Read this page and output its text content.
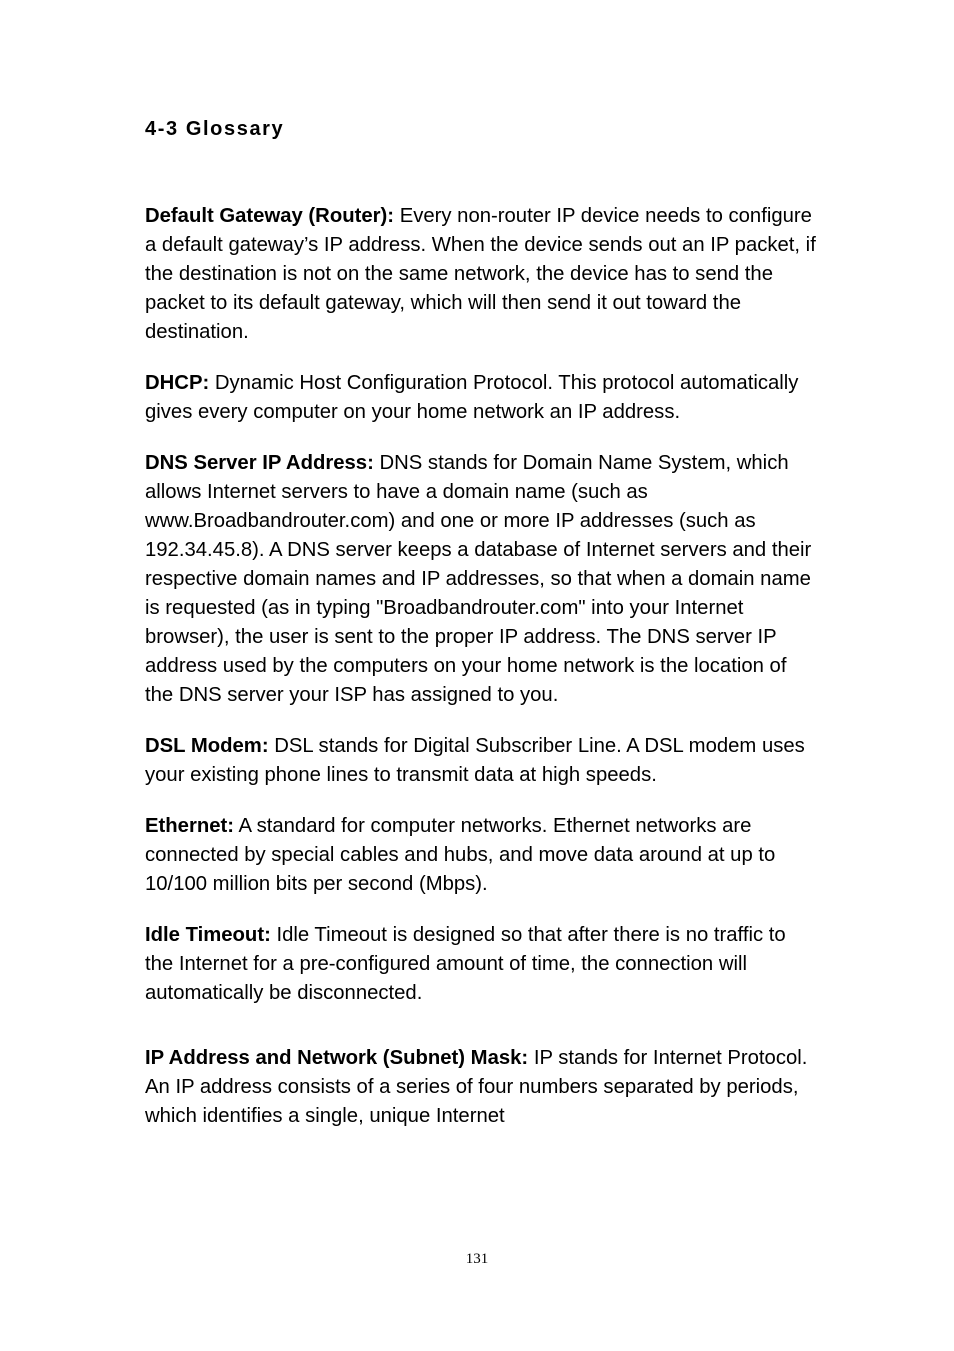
4-3 Glossary

Default Gateway (Router): Every non-router IP device needs to configure a default gateway’s IP address. When the device sends out an IP packet, if the destination is not on the same network, the device has to send the packet to its default gateway, which will then send it out toward the destination.

DHCP: Dynamic Host Configuration Protocol. This protocol automatically gives every computer on your home network an IP address.

DNS Server IP Address: DNS stands for Domain Name System, which allows Internet servers to have a domain name (such as www.Broadbandrouter.com) and one or more IP addresses (such as 192.34.45.8). A DNS server keeps a database of Internet servers and their respective domain names and IP addresses, so that when a domain name is requested (as in typing "Broadbandrouter.com" into your Internet browser), the user is sent to the proper IP address. The DNS server IP address used by the computers on your home network is the location of the DNS server your ISP has assigned to you.

DSL Modem: DSL stands for Digital Subscriber Line. A DSL modem uses your existing phone lines to transmit data at high speeds.

Ethernet: A standard for computer networks. Ethernet networks are connected by special cables and hubs, and move data around at up to 10/100 million bits per second (Mbps).

Idle Timeout: Idle Timeout is designed so that after there is no traffic to the Internet for a pre-configured amount of time, the connection will automatically be disconnected.

IP Address and Network (Subnet) Mask: IP stands for Internet Protocol. An IP address consists of a series of four numbers separated by periods, which identifies a single, unique Internet

131
